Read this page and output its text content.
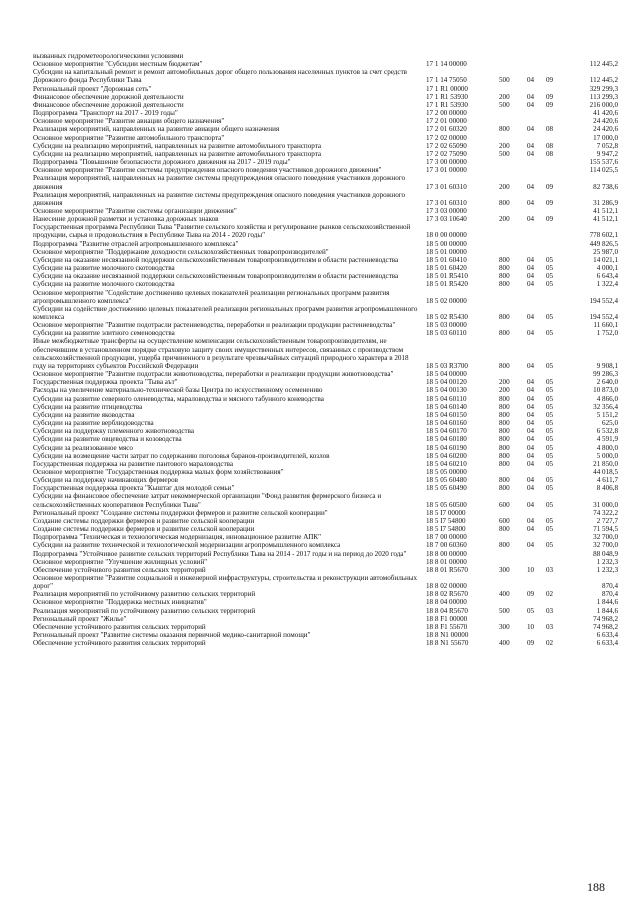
вызванных гидрометеорологическими условиями
Основное мероприятие "Субсидии местным бюджетам"	17 1 14 00000	112 445,2
Субсидии на капитальный ремонт и ремонт автомобильных дорог общего пользования населенных пунктов за счет средств Дорожного фонда Республики Тыва	17 1 14 75050	500	04	09	112 445,2
Региональный проект "Дорожная сеть"	17 1 R1 00000	329 299,3
Финансовое обеспечение дорожной деятельности	17 1 R1 53930	200	04	09	113 299,3
Финансовое обеспечение дорожной деятельности	17 1 R1 53930	500	04	09	216 000,0
Подпрограмма "Транспорт на 2017 - 2019 годы"	17 2 00 00000	41 420,6
Основное мероприятие "Развитие авиации общего назначения"	17 2 01 00000	24 420,6
Реализация мероприятий, направленных на развитие авиации общего назначения	17 2 01 60320	800	04	08	24 420,6
Основное мероприятие "Развитие автомобильного транспорта"	17 2 02 00000	17 000,0
Субсидии на реализацию мероприятий, направленных на развитие автомобильного транспорта	17 2 02 65090	200	04	08	7 052,8
Субсидии на реализацию мероприятий, направленных на развитие автомобильного транспорта	17 2 02 75090	500	04	08	9 947,2
Подпрограмма "Повышение безопасности дорожного движения на 2017 - 2019 годы"	17 3 00 00000	155 537,6
Основное мероприятие "Развитие системы предупреждения опасного поведения участников дорожного движения"	17 3 01 00000	114 025,5
Реализация мероприятий, направленных на развитие системы предупреждения опасного поведения участников дорожного движения	17 3 01 60310	200	04	09	82 738,6
Реализация мероприятий, направленных на развитие системы предупреждения опасного поведения участников дорожного движения	17 3 01 60310	800	04	09	31 286,9
Основное мероприятие "Развитие системы организации движения"	17 3 03 00000	41 512,1
Нанесение дорожной разметки и установка дорожных знаков	17 3 03 10640	200	04	09	41 512,1
Государственная программа Республики Тыва "Развитие сельского хозяйства и регулирование рынков сельскохозяйственной продукции, сырья и продовольствия в Республике Тыва на 2014 - 2020 годы"	18 0 00 00000	778 602,1
Подпрограмма "Развитие отраслей агропромышленного комплекса"	18 5 00 00000	449 826,5
Основное мероприятие "Поддержание доходности сельскохозяйственных товаропроизводителей"	18 5 01 00000	25 987,0
Субсидии на оказание несвязанной поддержки сельскохозяйственным товаропроизводителям в области растениеводства	18 5 01 60410	800	04	05	14 021,1
Субсидии на развитие молочного скотоводства	18 5 01 60420	800	04	05	4 000,1
Субсидии на оказание несвязанной поддержки сельскохозяйственным товаропроизводителям в области растениеводства	18 5 01 R5410	800	04	05	6 643,4
Субсидии на развитие молочного скотоводства	18 5 01 R5420	800	04	05	1 322,4
Основное мероприятие "Содействие достижению целевых показателей реализации региональных программ развития агропромышленного комплекса"	18 5 02 00000	194 552,4
Субсидии на содействие достижению целевых показателей реализации региональных программ развития агропромышленного комплекса	18 5 02 R5430	800	04	05	194 552,4
Основное мероприятие "Развитие подотрасли растениеводства, переработки и реализации продукции растениеводства"	18 5 03 00000	11 660,1
Субсидии на развитие элитного семеноводства	18 5 03 60110	800	04	05	1 752,0
Иные межбюджетные трансферты на осуществление компенсации сельскохозяйственным товаропроизводителям, не обеспечившим в установленном порядке страховую защиту своих имущественных интересов, связанных с производством сельскохозяйственной продукции, ущерба причиненного в результате чрезвычайных ситуаций природного характера в 2018 году на территориях субъектов Российской Федерации	18 5 03 R3700	800	04	05	9 908,1
Основное мероприятие "Развитие подотрасли животноводства, переработки и реализации продукции животноводства"	18 5 04 00000	99 286,3
Государственная поддержка проекта "Тыва аът"	18 5 04 00120	200	04	05	2 640,0
Расходы на увеличение материально-технической базы Центра по искусственному осеменению	18 5 04 00130	200	04	05	10 873,0
Субсидии на развитие северного оленеводства, мараловодства и мясного табунного коневодства	18 5 04 60110	800	04	05	4 866,0
Субсидии на развитие птицеводства	18 5 04 60140	800	04	05	32 356,4
Субсидии на развитие яководства	18 5 04 60150	800	04	05	5 151,2
Субсидии на развитие верблюдоводства	18 5 04 60160	800	04	05	625,0
Субсидии на поддержку племенного животноводства	18 5 04 60170	800	04	05	6 532,8
Субсидии на развитие овцеводства и козоводства	18 5 04 60180	800	04	05	4 591,9
Субсидии за реализованное мясо	18 5 04 60190	800	04	05	4 800,0
Субсидии на возмещение части затрат по содержанию поголовья баранов-производителей, козлов	18 5 04 60200	800	04	05	5 000,0
Государственная поддержка на развитие пантового мараловодства	18 5 04 60210	800	04	05	21 850,0
Основное мероприятие "Государственная поддержка малых форм хозяйствования"	18 5 05 00000	44 018,5
Субсидии на поддержку начинающих фермеров	18 5 05 60480	800	04	05	4 611,7
Государственная поддержка проекта "Кыштаг для молодой семьи"	18 5 05 60490	800	04	05	8 406,8
Субсидии на финансовое обеспечение затрат некоммерческой организации "Фонд развития фермерского бизнеса и сельскохозяйственных кооперативов Республики Тыва"	18 5 05 60500	600	04	05	31 000,0
Региональный проект "Создание системы поддержки фермеров и развитие сельской кооперации"	18 5 I7 00000	74 322,2
Создание системы поддержки фермеров и развитие сельской кооперации	18 5 I7 54800	600	04	05	2 727,7
Создание системы поддержки фермеров и развитие сельской кооперации	18 5 I7 54800	800	04	05	71 594,5
Подпрограмма "Техническая и технологическая модернизация, инновационное развитие АПК"	18 7 00 00000	32 700,0
Субсидии на развитие технической и технологической модернизации агропромышленного комплекса	18 7 00 60360	800	04	05	32 700,0
Подпрограмма "Устойчивое развитие сельских территорий Республики Тыва на 2014 - 2017 годы и на период до 2020 года"	18 8 00 00000	88 048,9
Основное мероприятие "Улучшение жилищных условий"	18 8 01 00000	1 232,3
Обеспечение устойчивого развития сельских территорий	18 8 01 R5670	300	10	03	1 232,3
Основное мероприятие "Развитие социальной и инженерной инфраструктуры, строительства и реконструкции автомобильных дорог"	18 8 02 00000	870,4
Реализация мероприятий по устойчивому развитию сельских территорий	18 8 02 R5670	400	09	02	870,4
Основное мероприятие "Поддержка местных инициатив"	18 8 04 00000	1 844,6
Реализация мероприятий по устойчивому развитию сельских территорий	18 8 04 R5670	500	05	03	1 844,6
Региональный проект "Жилье"	18 8 F1 00000	74 968,2
Обеспечение устойчивого развития сельских территорий	18 8 F1 55670	300	10	03	74 968,2
Региональный проект "Развитие системы оказания первичной медико-санитарной помощи"	18 8 N1 00000	6 633,4
Обеспечение устойчивого развития сельских территорий	18 8 N1 55670	400	09	02	6 633,4
188
